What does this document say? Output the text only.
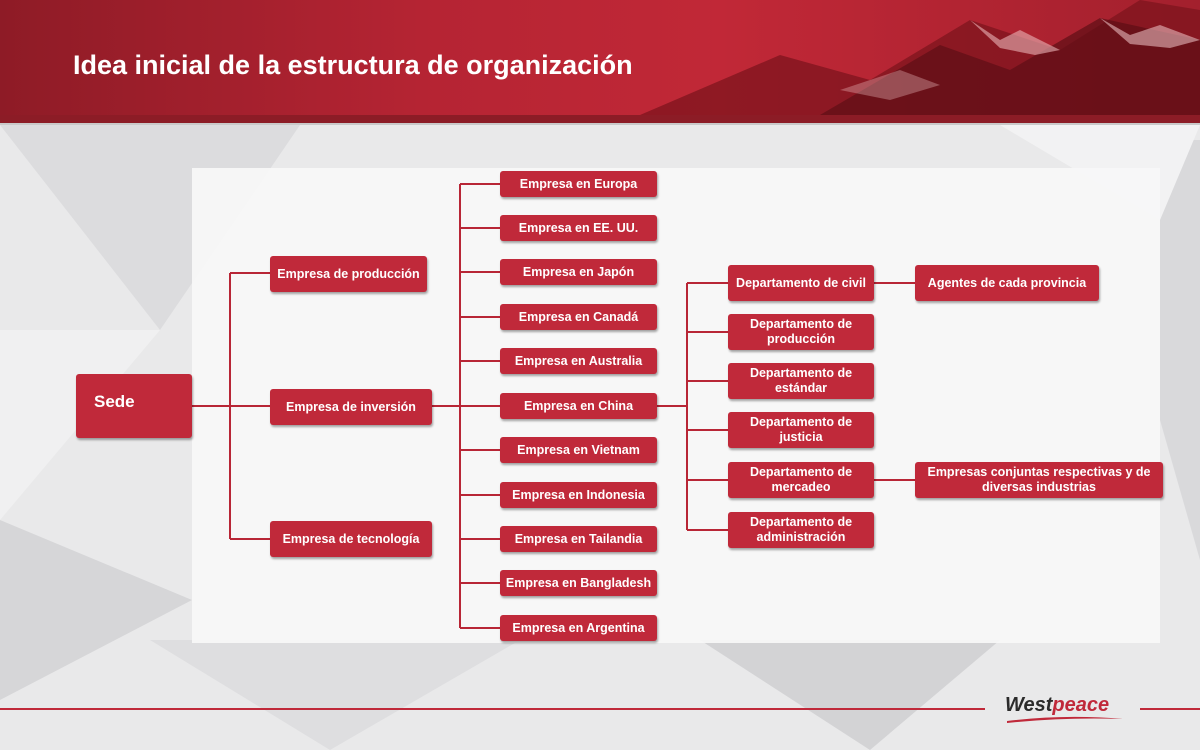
Idea inicial de la estructura de organización
Sede
Empresa de producción
Empresa de inversión
Empresa de tecnología
Empresa en Europa
Empresa en EE. UU.
Empresa en Japón
Empresa en Canadá
Empresa en Australia
Empresa en China
Empresa en Vietnam
Empresa en Indonesia
Empresa en Tailandia
Empresa en Bangladesh
Empresa en Argentina
Departamento de civil
Departamento de producción
Departamento de estándar
Departamento de justicia
Departamento de mercadeo
Departamento de administración
Agentes de cada provincia
Empresas conjuntas respectivas y de diversas industrias
Westpeace
